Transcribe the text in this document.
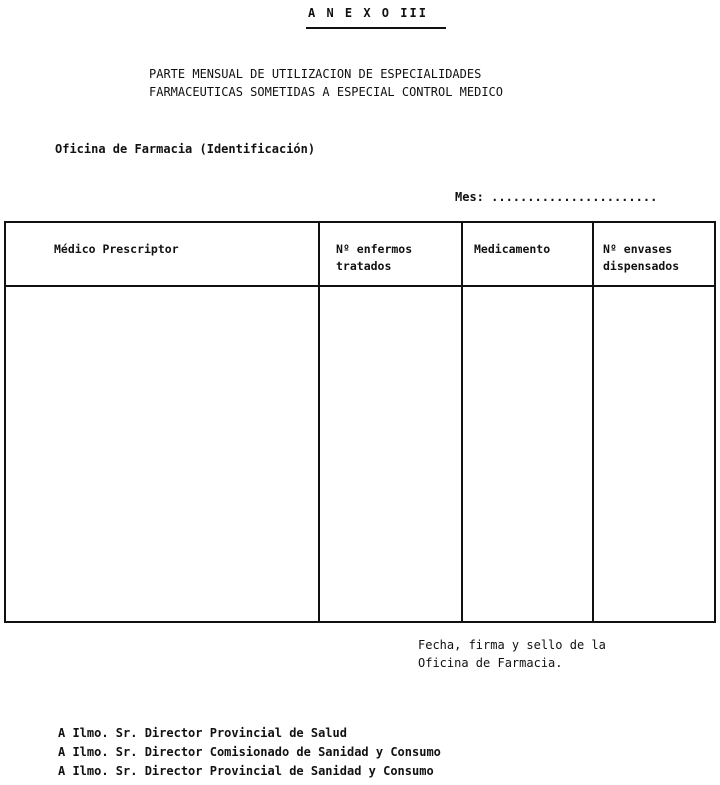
A N E X O III
PARTE MENSUAL DE UTILIZACION DE ESPECIALIDADES
FARMACEUTICAS SOMETIDAS A ESPECIAL CONTROL MEDICO
Oficina de Farmacia (Identificación)
Mes: .......................
Médico Prescriptor	Nº enfermos
tratados
Medicamento	Nº envases
dispensados
Fecha, firma y sello de la
Oficina de Farmacia.
A Ilmo. Sr. Director Provincial de Salud
A Ilmo. Sr. Director Comisionado de Sanidad y Consumo
A Ilmo. Sr. Director Provincial de Sanidad y Consumo
